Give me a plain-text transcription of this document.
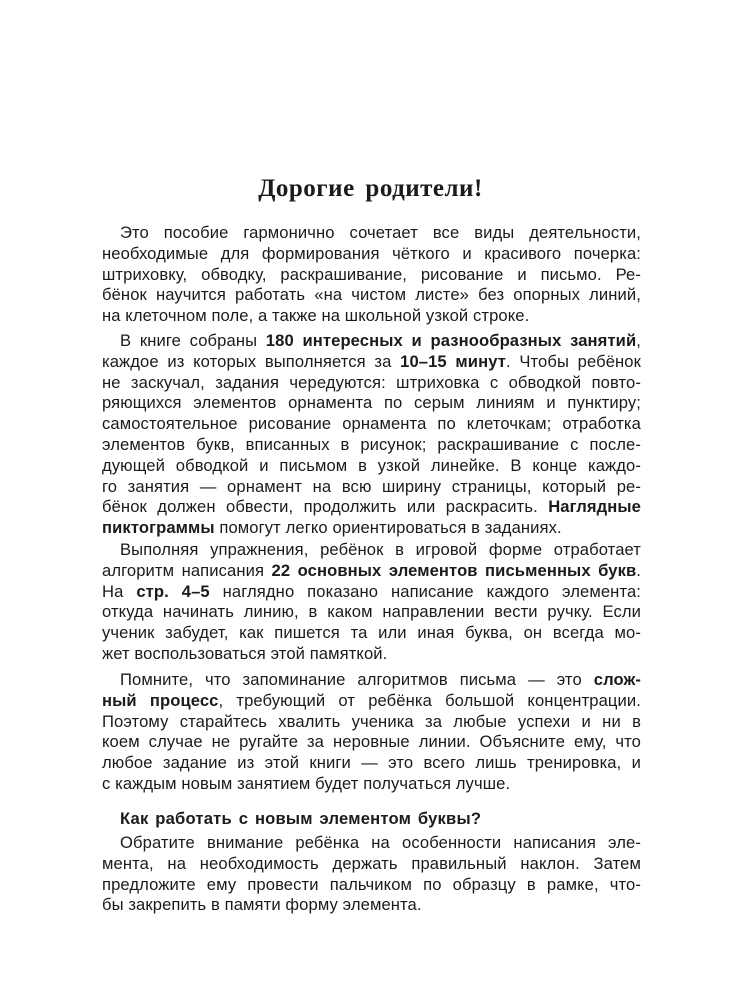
Дорогие родители!
Это пособие гармонично сочетает все виды деятельности,
необходимые для формирования чёткого и красивого почерка:
штриховку, обводку, раскрашивание, рисование и письмо. Ре-
бёнок научится работать «на чистом листе» без опорных линий,
на клеточном поле, а также на школьной узкой строке.
В книге собраны 180 интересных и разнообразных занятий,
каждое из которых выполняется за 10–15 минут. Чтобы ребёнок
не заскучал, задания чередуются: штриховка с обводкой повто-
ряющихся элементов орнамента по серым линиям и пунктиру;
самостоятельное рисование орнамента по клеточкам; отработка
элементов букв, вписанных в рисунок; раскрашивание с после-
дующей обводкой и письмом в узкой линейке. В конце каждо-
го занятия — орнамент на всю ширину страницы, который ре-
бёнок должен обвести, продолжить или раскрасить. Наглядные
пиктограммы помогут легко ориентироваться в заданиях.
Выполняя упражнения, ребёнок в игровой форме отработает
алгоритм написания 22 основных элементов письменных букв.
На стр. 4–5 наглядно показано написание каждого элемента:
откуда начинать линию, в каком направлении вести ручку. Если
ученик забудет, как пишется та или иная буква, он всегда мо-
жет воспользоваться этой памяткой.
Помните, что запоминание алгоритмов письма — это слож-
ный процесс, требующий от ребёнка большой концентрации.
Поэтому старайтесь хвалить ученика за любые успехи и ни в
коем случае не ругайте за неровные линии. Объясните ему, что
любое задание из этой книги — это всего лишь тренировка, и
с каждым новым занятием будет получаться лучше.
Как работать с новым элементом буквы?
Обратите внимание ребёнка на особенности написания эле-
мента, на необходимость держать правильный наклон. Затем
предложите ему провести пальчиком по образцу в рамке, что-
бы закрепить в памяти форму элемента.
